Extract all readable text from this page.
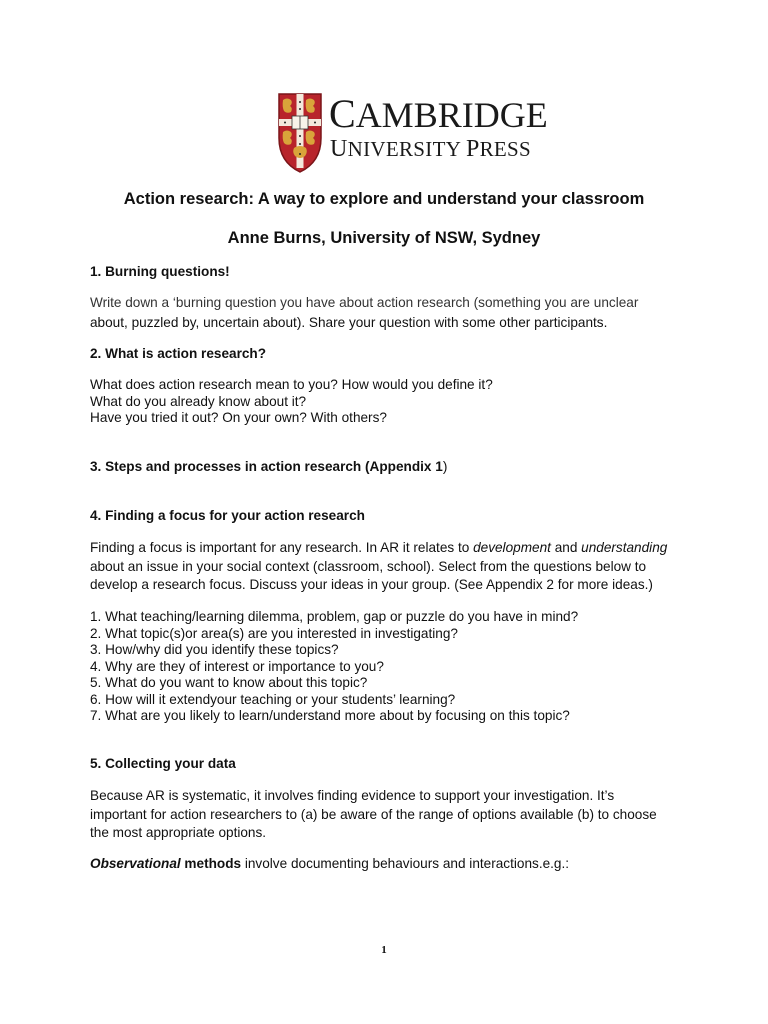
CAMBRIDGE
UNIVERSITY PRESS
Action research: A way to explore and understand your classroom
Anne Burns, University of NSW, Sydney
1. Burning questions!
Write down a ‘burning question you have about action research (something you are unclear
about, puzzled by, uncertain about). Share your question with some other participants.
2. What is action research?
What does action research mean to you? How would you define it?
What do you already know about it?
Have you tried it out? On your own? With others?
3. Steps and processes in action research (Appendix 1)
4. Finding a focus for your action research
Finding a focus is important for any research. In AR it relates to development and understanding
about an issue in your social context (classroom, school). Select from the questions below to
develop a research focus. Discuss your ideas in your group. (See Appendix 2 for more ideas.)
1. What teaching/learning dilemma, problem, gap or puzzle do you have in mind?
2. What topic(s)or area(s) are you interested in investigating?
3. How/why did you identify these topics?
4. Why are they of interest or importance to you?
5. What do you want to know about this topic?
6. How will it extendyour teaching or your students’ learning?
7. What are you likely to learn/understand more about by focusing on this topic?
5. Collecting your data
Because AR is systematic, it involves finding evidence to support your investigation. It’s
important for action researchers to (a) be aware of the range of options available (b) to choose
the most appropriate options.
Observational methods involve documenting behaviours and interactions.e.g.:
1
